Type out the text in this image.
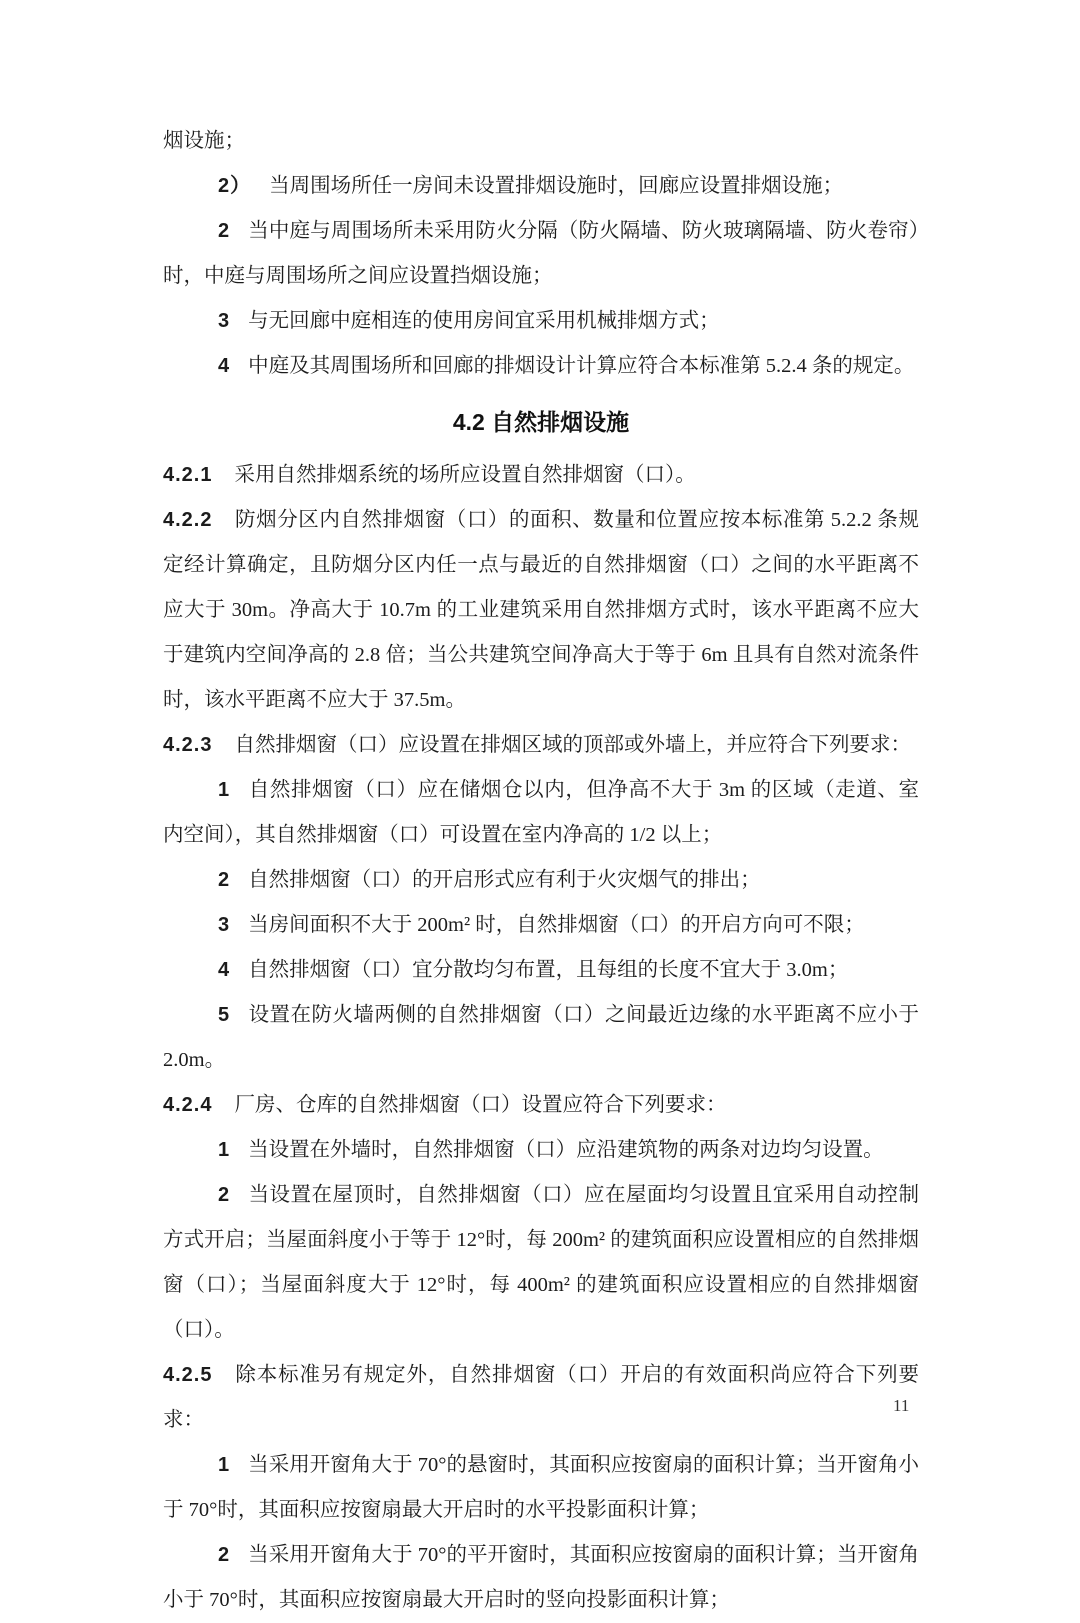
烟设施；

2） 当周围场所任一房间未设置排烟设施时，回廊应设置排烟设施；

2 当中庭与周围场所未采用防火分隔（防火隔墙、防火玻璃隔墙、防火卷帘）时，中庭与周围场所之间应设置挡烟设施；

3 与无回廊中庭相连的使用房间宜采用机械排烟方式；

4 中庭及其周围场所和回廊的排烟设计计算应符合本标准第 5.2.4 条的规定。

4.2 自然排烟设施

4.2.1 采用自然排烟系统的场所应设置自然排烟窗（口）。

4.2.2 防烟分区内自然排烟窗（口）的面积、数量和位置应按本标准第 5.2.2 条规定经计算确定，且防烟分区内任一点与最近的自然排烟窗（口）之间的水平距离不应大于 30m。净高大于 10.7m 的工业建筑采用自然排烟方式时，该水平距离不应大于建筑内空间净高的 2.8 倍；当公共建筑空间净高大于等于 6m 且具有自然对流条件时，该水平距离不应大于 37.5m。

4.2.3 自然排烟窗（口）应设置在排烟区域的顶部或外墙上，并应符合下列要求：

1 自然排烟窗（口）应在储烟仓以内，但净高不大于 3m 的区域（走道、室内空间），其自然排烟窗（口）可设置在室内净高的 1/2 以上；

2 自然排烟窗（口）的开启形式应有利于火灾烟气的排出；

3 当房间面积不大于 200m² 时，自然排烟窗（口）的开启方向可不限；

4 自然排烟窗（口）宜分散均匀布置，且每组的长度不宜大于 3.0m；

5 设置在防火墙两侧的自然排烟窗（口）之间最近边缘的水平距离不应小于 2.0m。

4.2.4 厂房、仓库的自然排烟窗（口）设置应符合下列要求：

1 当设置在外墙时，自然排烟窗（口）应沿建筑物的两条对边均匀设置。

2 当设置在屋顶时，自然排烟窗（口）应在屋面均匀设置且宜采用自动控制方式开启；当屋面斜度小于等于 12°时，每 200m² 的建筑面积应设置相应的自然排烟窗（口）；当屋面斜度大于 12°时，每 400m² 的建筑面积应设置相应的自然排烟窗（口）。

4.2.5 除本标准另有规定外，自然排烟窗（口）开启的有效面积尚应符合下列要求：

1 当采用开窗角大于 70°的悬窗时，其面积应按窗扇的面积计算；当开窗角小于 70°时，其面积应按窗扇最大开启时的水平投影面积计算；

2 当采用开窗角大于 70°的平开窗时，其面积应按窗扇的面积计算；当开窗角小于 70°时，其面积应按窗扇最大开启时的竖向投影面积计算；

11
